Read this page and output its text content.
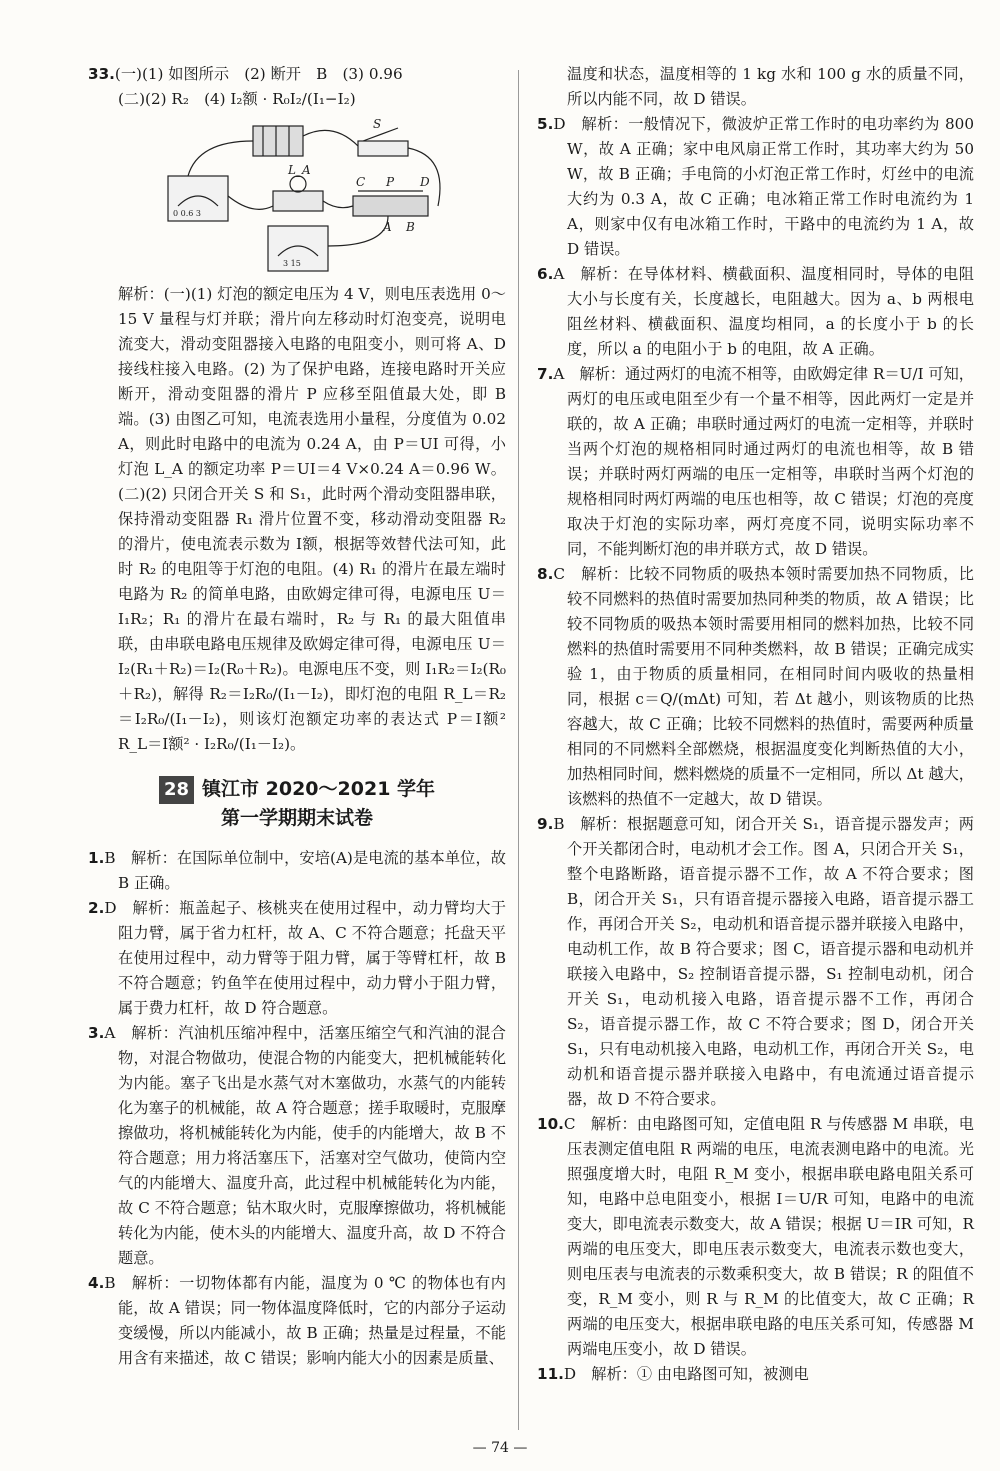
33.(一)(1) 如图所示　(2) 断开　B　(3) 0.96

(二)(2) R₂　(4) I₂额 · R₀I₂/(I₁−I₂)

S
L_A
C P D
A B
0 0.6 3
3 15

解析：(一)(1) 灯泡的额定电压为 4 V，则电压表选用 0～15 V 量程与灯并联；滑片向左移动时灯泡变亮，说明电流变大，滑动变阻器接入电路的电阻变小，则可将 A、D 接线柱接入电路。(2) 为了保护电路，连接电路时开关应断开，滑动变阻器的滑片 P 应移至阻值最大处，即 B 端。(3) 由图乙可知，电流表选用小量程，分度值为 0.02 A，则此时电路中的电流为 0.24 A，由 P＝UI 可得，小灯泡 L_A 的额定功率 P＝UI＝4 V×0.24 A＝0.96 W。(二)(2) 只闭合开关 S 和 S₁，此时两个滑动变阻器串联，保持滑动变阻器 R₁ 滑片位置不变，移动滑动变阻器 R₂ 的滑片，使电流表示数为 I额，根据等效替代法可知，此时 R₂ 的电阻等于灯泡的电阻。(4) R₁ 的滑片在最左端时电路为 R₂ 的简单电路，由欧姆定律可得，电源电压 U＝I₁R₂；R₁ 的滑片在最右端时，R₂ 与 R₁ 的最大阻值串联，由串联电路电压规律及欧姆定律可得，电源电压 U＝I₂(R₁＋R₂)＝I₂(R₀＋R₂)。电源电压不变，则 I₁R₂＝I₂(R₀＋R₂)，解得 R₂＝I₂R₀/(I₁－I₂)，即灯泡的电阻 R_L＝R₂＝I₂R₀/(I₁－I₂)，则该灯泡额定功率的表达式 P＝I额² R_L＝I额² · I₂R₀/(I₁－I₂)。

28 镇江市 2020～2021 学年
第一学期期末试卷

1.B　解析：在国际单位制中，安培(A)是电流的基本单位，故 B 正确。

2.D　解析：瓶盖起子、核桃夹在使用过程中，动力臂均大于阻力臂，属于省力杠杆，故 A、C 不符合题意；托盘天平在使用过程中，动力臂等于阻力臂，属于等臂杠杆，故 B 不符合题意；钓鱼竿在使用过程中，动力臂小于阻力臂，属于费力杠杆，故 D 符合题意。

3.A　解析：汽油机压缩冲程中，活塞压缩空气和汽油的混合物，对混合物做功，使混合物的内能变大，把机械能转化为内能。塞子飞出是水蒸气对木塞做功，水蒸气的内能转化为塞子的机械能，故 A 符合题意；搓手取暖时，克服摩擦做功，将机械能转化为内能，使手的内能增大，故 B 不符合题意；用力将活塞压下，活塞对空气做功，使筒内空气的内能增大、温度升高，此过程中机械能转化为内能，故 C 不符合题意；钻木取火时，克服摩擦做功，将机械能转化为内能，使木头的内能增大、温度升高，故 D 不符合题意。

4.B　解析：一切物体都有内能，温度为 0 ℃ 的物体也有内能，故 A 错误；同一物体温度降低时，它的内部分子运动变缓慢，所以内能减小，故 B 正确；热量是过程量，不能用含有来描述，故 C 错误；影响内能大小的因素是质量、

温度和状态，温度相等的 1 kg 水和 100 g 水的质量不同，所以内能不同，故 D 错误。

5.D　解析：一般情况下，微波炉正常工作时的电功率约为 800 W，故 A 正确；家中电风扇正常工作时，其功率大约为 50 W，故 B 正确；手电筒的小灯泡正常工作时，灯丝中的电流大约为 0.3 A，故 C 正确；电冰箱正常工作时电流约为 1 A，则家中仅有电冰箱工作时，干路中的电流约为 1 A，故 D 错误。

6.A　解析：在导体材料、横截面积、温度相同时，导体的电阻大小与长度有关，长度越长，电阻越大。因为 a、b 两根电阻丝材料、横截面积、温度均相同，a 的长度小于 b 的长度，所以 a 的电阻小于 b 的电阻，故 A 正确。

7.A　解析：通过两灯的电流不相等，由欧姆定律 R＝U/I 可知，两灯的电压或电阻至少有一个量不相等，因此两灯一定是并联的，故 A 正确；串联时通过两灯的电流一定相等，并联时当两个灯泡的规格相同时通过两灯的电流也相等，故 B 错误；并联时两灯两端的电压一定相等，串联时当两个灯泡的规格相同时两灯两端的电压也相等，故 C 错误；灯泡的亮度取决于灯泡的实际功率，两灯亮度不同，说明实际功率不同，不能判断灯泡的串并联方式，故 D 错误。

8.C　解析：比较不同物质的吸热本领时需要加热不同物质，比较不同燃料的热值时需要加热同种类的物质，故 A 错误；比较不同物质的吸热本领时需要用相同的燃料加热，比较不同燃料的热值时需要用不同种类燃料，故 B 错误；正确完成实验 1，由于物质的质量相同，在相同时间内吸收的热量相同，根据 c＝Q/(mΔt) 可知，若 Δt 越小，则该物质的比热容越大，故 C 正确；比较不同燃料的热值时，需要两种质量相同的不同燃料全部燃烧，根据温度变化判断热值的大小，加热相同时间，燃料燃烧的质量不一定相同，所以 Δt 越大，该燃料的热值不一定越大，故 D 错误。

9.B　解析：根据题意可知，闭合开关 S₁，语音提示器发声；两个开关都闭合时，电动机才会工作。图 A，只闭合开关 S₁，整个电路断路，语音提示器不工作，故 A 不符合要求；图 B，闭合开关 S₁，只有语音提示器接入电路，语音提示器工作，再闭合开关 S₂，电动机和语音提示器并联接入电路中，电动机工作，故 B 符合要求；图 C，语音提示器和电动机并联接入电路中，S₂ 控制语音提示器，S₁ 控制电动机，闭合开关 S₁，电动机接入电路，语音提示器不工作，再闭合 S₂，语音提示器工作，故 C 不符合要求；图 D，闭合开关 S₁，只有电动机接入电路，电动机工作，再闭合开关 S₂，电动机和语音提示器并联接入电路中，有电流通过语音提示器，故 D 不符合要求。

10.C　解析：由电路图可知，定值电阻 R 与传感器 M 串联，电压表测定值电阻 R 两端的电压，电流表测电路中的电流。光照强度增大时，电阻 R_M 变小，根据串联电路电阻关系可知，电路中总电阻变小，根据 I＝U/R 可知，电路中的电流变大，即电流表示数变大，故 A 错误；根据 U＝IR 可知，R 两端的电压变大，即电压表示数变大，电流表示数也变大，则电压表与电流表的示数乘积变大，故 B 错误；R 的阻值不变，R_M 变小，则 R 与 R_M 的比值变大，故 C 正确；R 两端的电压变大，根据串联电路的电压关系可知，传感器 M 两端电压变小，故 D 错误。

11.D　解析：① 由电路图可知，被测电

— 74 —
